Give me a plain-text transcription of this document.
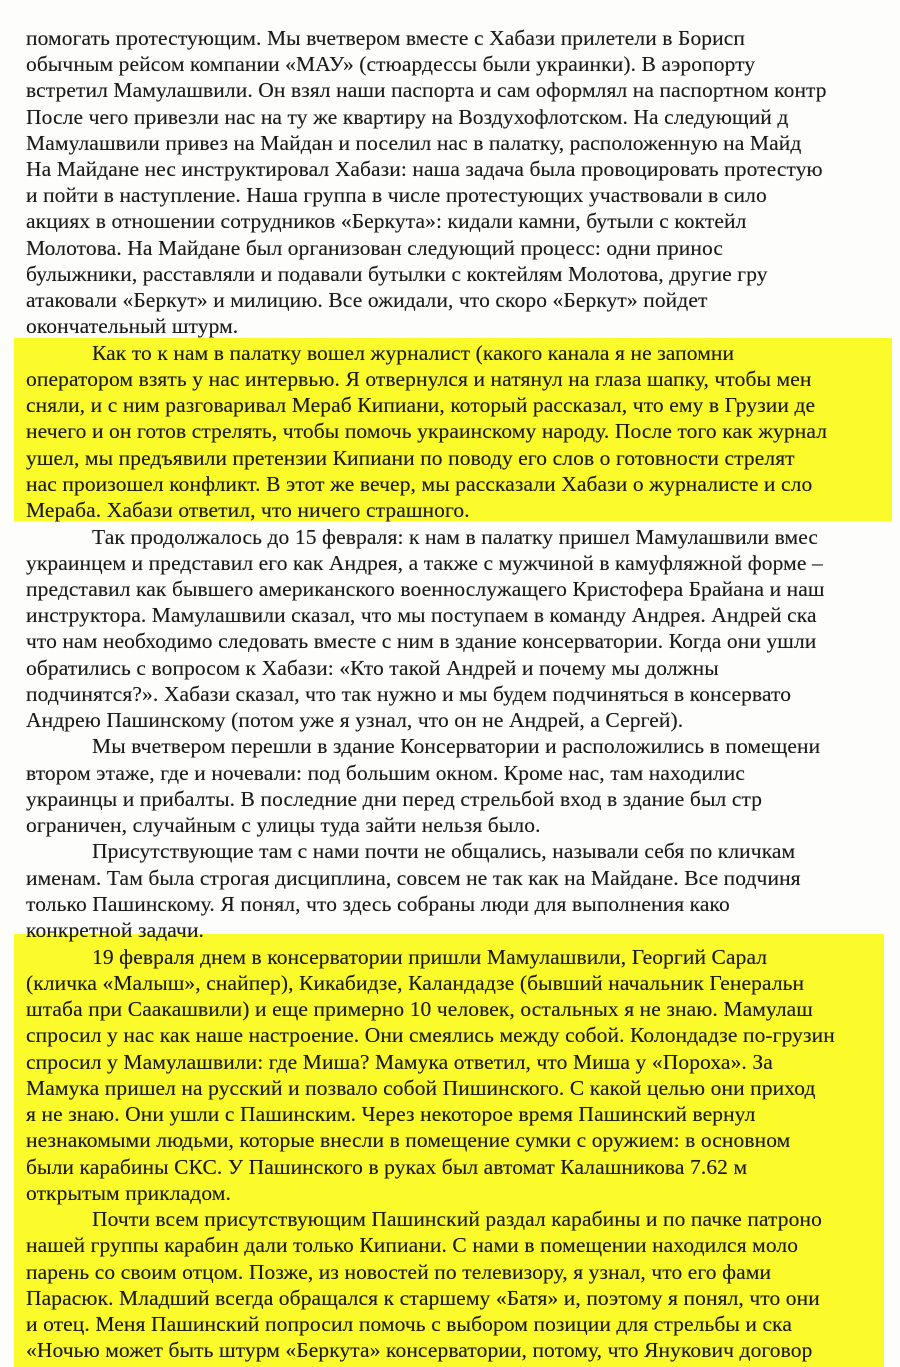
помогать протестующим. Мы вчетвером вместе с Хабази прилетели в Борисп
обычным рейсом компании «МАУ» (стюардессы были украинки). В аэропорту
встретил Мамулашвили. Он взял наши паспорта и сам оформлял на паспортном контр
После чего привезли нас на ту же квартиру на Воздухофлотском. На следующий д
Мамулашвили привез на Майдан и поселил нас в палатку, расположенную на Майд
На Майдане нес инструктировал Хабази: наша задача была провоцировать протестую
и пойти в наступление. Наша группа в числе протестующих участвовали в сило
акциях в отношении сотрудников «Беркута»: кидали камни, бутыли с коктейл
Молотова. На Майдане был организован следующий процесс: одни принос
булыжники, расставляли и подавали бутылки с коктейлям Молотова, другие гру
атаковали «Беркут» и милицию. Все ожидали, что скоро «Беркут» пойдет
окончательный штурм.
Как то к нам в палатку вошел журналист (какого канала я не запомни
оператором взять у нас интервью. Я отвернулся и натянул на глаза шапку, чтобы мен
сняли, и с ним разговаривал Мераб Кипиани, который рассказал, что ему в Грузии де
нечего и он готов стрелять, чтобы помочь украинскому народу. После того как журнал
ушел, мы предъявили претензии Кипиани по поводу его слов о готовности стрелят
нас произошел конфликт. В этот же вечер, мы рассказали Хабази о журналисте и сло
Мераба. Хабази ответил, что ничего страшного.
Так продолжалось до 15 февраля: к нам в палатку пришел Мамулашвили вмес
украинцем и представил его как Андрея, а также с мужчиной в камуфляжной форме –
представил как бывшего американского военнослужащего Кристофера Брайана и наш
инструктора. Мамулашвили сказал, что мы поступаем в команду Андрея. Андрей ска
что нам необходимо следовать вместе с ним в здание консерватории. Когда они ушли
обратились с вопросом к Хабази: «Кто такой Андрей и почему мы должны
подчинятся?». Хабази сказал, что так нужно и мы будем подчиняться в консервато
Андрею Пашинскому (потом уже я узнал, что он не Андрей, а Сергей).
Мы вчетвером перешли в здание Консерватории и расположились в помещени
втором этаже, где и ночевали: под большим окном. Кроме нас, там находилис
украинцы и прибалты. В последние дни перед стрельбой вход в здание был стр
ограничен, случайным с улицы туда зайти нельзя было.
Присутствующие там с нами почти не общались, называли себя по кличкам
именам. Там была строгая дисциплина, совсем не так как на Майдане. Все подчиня
только Пашинскому. Я понял, что здесь собраны люди для выполнения како
конкретной задачи.
19 февраля днем в консерватории пришли Мамулашвили, Георгий Сарал
(кличка «Малыш», снайпер), Кикабидзе, Каландадзе (бывший начальник Генеральн
штаба при Саакашвили) и еще примерно 10 человек, остальных я не знаю. Мамулаш
спросил у нас как наше настроение. Они смеялись между собой. Колондадзе по-грузин
спросил у Мамулашвили: где Миша? Мамука ответил, что Миша у «Пороха». За
Мамука пришел на русский и позвало собой Пишинского. С какой целью они приход
я не знаю. Они ушли с Пашинским. Через некоторое время Пашинский вернул
незнакомыми людьми, которые внесли в помещение сумки с оружием: в основном
были карабины СКС. У Пашинского в руках был автомат Калашникова 7.62 м
открытым прикладом.
Почти всем присутствующим Пашинский раздал карабины и по пачке патроно
нашей группы карабин дали только Кипиани. С нами в помещении находился моло
парень со своим отцом. Позже, из новостей по телевизору, я узнал, что его фами
Парасюк. Младший всегда обращался к старшему «Батя» и, поэтому я понял, что они
и отец. Меня Пашинский попросил помочь с выбором позиции для стрельбы и ска
«Ночью может быть штурм «Беркута» консерватории, потому, что Янукович договор
